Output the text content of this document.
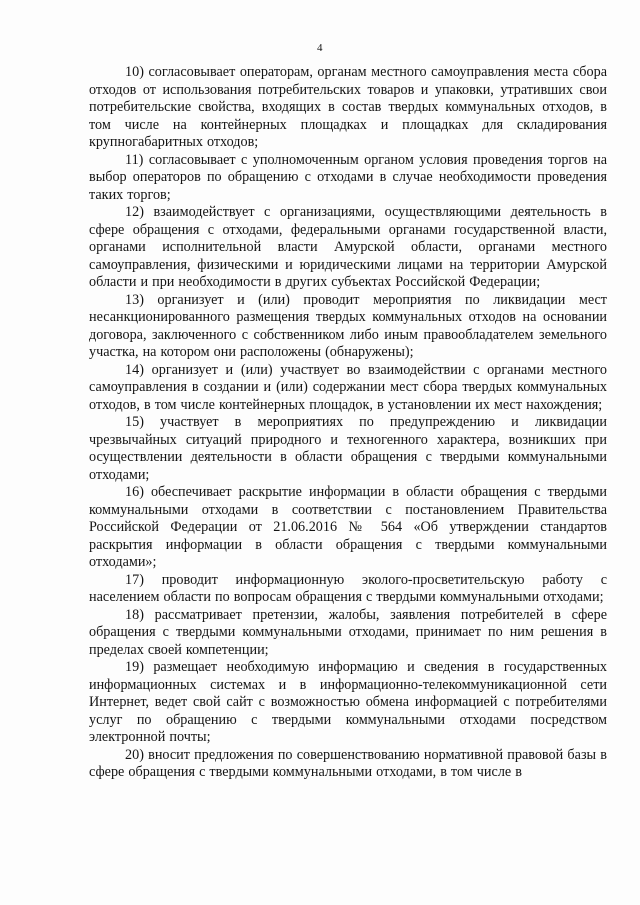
4

10) согласовывает операторам, органам местного самоуправления места сбора отходов от использования потребительских товаров и упаковки, утративших свои потребительские свойства, входящих в состав твердых коммунальных отходов, в том числе на контейнерных площадках и площадках для складирования крупногабаритных отходов;

11) согласовывает с уполномоченным органом условия проведения торгов на выбор операторов по обращению с отходами в случае необходимости проведения таких торгов;

12) взаимодействует с организациями, осуществляющими деятельность в сфере обращения с отходами, федеральными органами государственной власти, органами исполнительной власти Амурской области, органами местного самоуправления, физическими и юридическими лицами на территории Амурской области и при необходимости в других субъектах Российской Федерации;

13) организует и (или) проводит мероприятия по ликвидации мест несанкционированного размещения твердых коммунальных отходов на основании договора, заключенного с собственником либо иным правообладателем земельного участка, на котором они расположены (обнаружены);

14) организует и (или) участвует во взаимодействии с органами местного самоуправления в создании и (или) содержании мест сбора твердых коммунальных отходов, в том числе контейнерных площадок, в установлении их мест нахождения;

15) участвует в мероприятиях по предупреждению и ликвидации чрезвычайных ситуаций природного и техногенного характера, возникших при осуществлении деятельности в области обращения с твердыми коммунальными отходами;

16) обеспечивает раскрытие информации в области обращения с твердыми коммунальными отходами в соответствии с постановлением Правительства Российской Федерации от 21.06.2016 № 564 «Об утверждении стандартов раскрытия информации в области обращения с твердыми коммунальными отходами»;

17) проводит информационную эколого-просветительскую работу с населением области по вопросам обращения с твердыми коммунальными отходами;

18) рассматривает претензии, жалобы, заявления потребителей в сфере обращения с твердыми коммунальными отходами, принимает по ним решения в пределах своей компетенции;

19) размещает необходимую информацию и сведения в государственных информационных системах и в информационно-телекоммуникационной сети Интернет, ведет свой сайт с возможностью обмена информацией с потребителями услуг по обращению с твердыми коммунальными отходами посредством электронной почты;

20) вносит предложения по совершенствованию нормативной правовой базы в сфере обращения с твердыми коммунальными отходами, в том числе в
